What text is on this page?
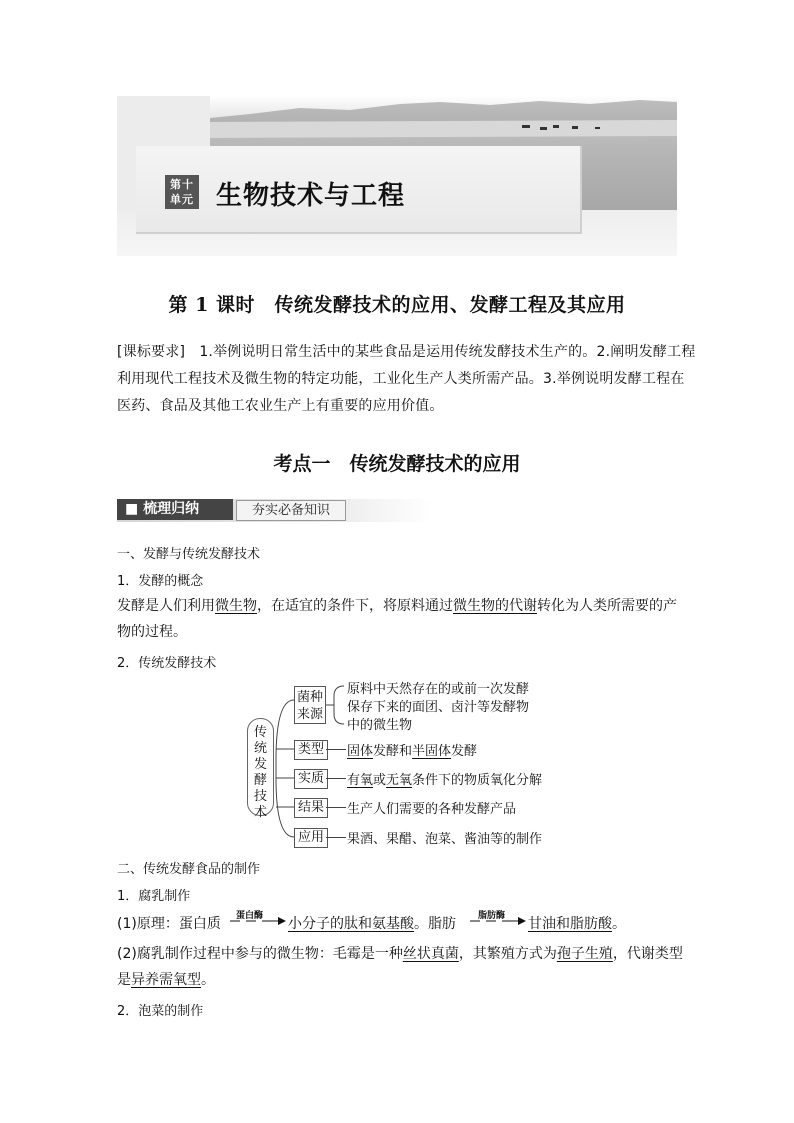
第十
单元 生物技术与工程
第 1 课时　传统发酵技术的应用、发酵工程及其应用
[课标要求]　1.举例说明日常生活中的某些食品是运用传统发酵技术生产的。2.阐明发酵工程
利用现代工程技术及微生物的特定功能，工业化生产人类所需产品。3.举例说明发酵工程在
医药、食品及其他工农业生产上有重要的应用价值。
考点一　传统发酵技术的应用
■ 梳理归纳	夯实必备知识
一、发酵与传统发酵技术
1．发酵的概念
发酵是人们利用微生物，在适宜的条件下，将原料通过微生物的代谢转化为人类所需要的产
物的过程。
2．传统发酵技术
传
统
发
酵
技
术
菌种
来源
原料中天然存在的或前一次发酵
保存下来的面团、卤汁等发酵物
中的微生物
类型	固体发酵和半固体发酵
实质	有氧或无氧条件下的物质氧化分解
结果	生产人们需要的各种发酵产品
应用	果酒、果醋、泡菜、酱油等的制作
二、传统发酵食品的制作
1．腐乳制作
(1)原理：蛋白质 蛋白酶 小分子的肽和氨基酸。脂肪 脂肪酶 甘油和脂肪酸。
(2)腐乳制作过程中参与的微生物：毛霉是一种丝状真菌，其繁殖方式为孢子生殖，代谢类型
是异养需氧型。
2．泡菜的制作
